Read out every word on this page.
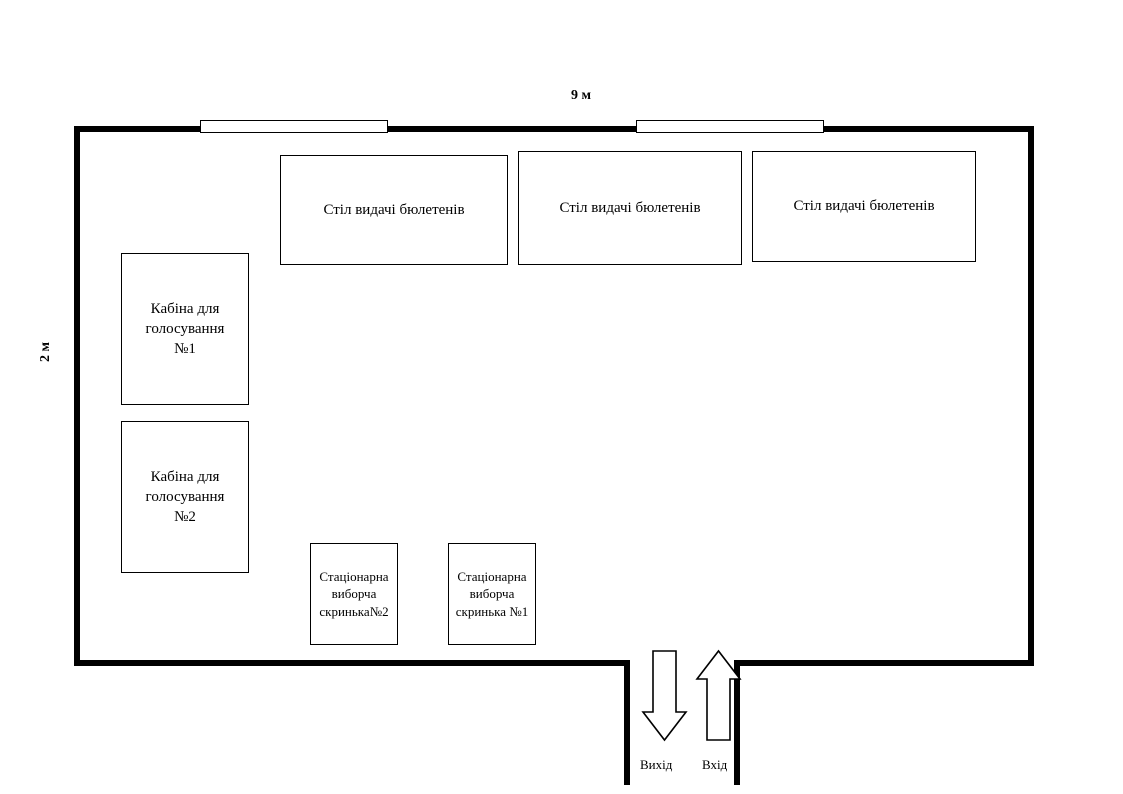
9 м
2 м
Стіл видачі бюлетенів	Стіл видачі бюлетенів	Стіл видачі бюлетенів
Кабіна для
голосування
№1
Кабіна для
голосування
№2
Стаціонарна
виборча
скринька№2
Стаціонарна
виборча
скринька №1
Вихід Вхід
